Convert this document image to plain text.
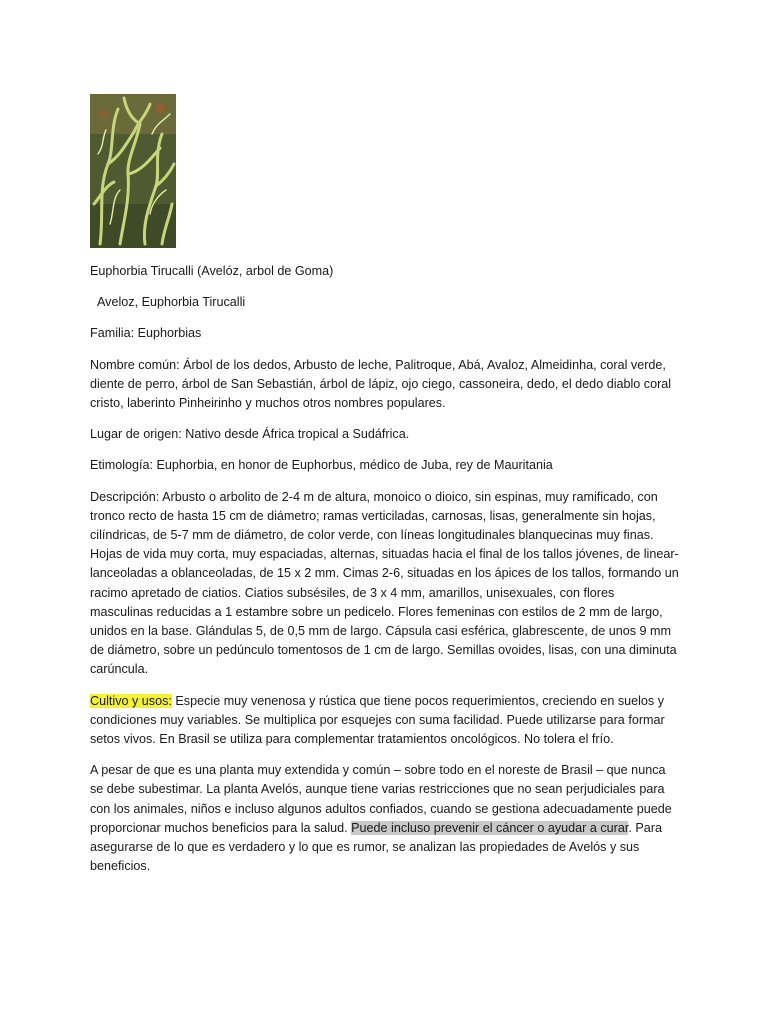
Euphorbia Tirucalli (Avelóz, arbol de Goma)

Aveloz, Euphorbia Tirucalli

Familia: Euphorbias

Nombre común: Árbol de los dedos, Arbusto de leche, Palitroque, Abá, Avaloz, Almeidinha, coral verde, diente de perro, árbol de San Sebastián, árbol de lápiz, ojo ciego, cassoneira, dedo, el dedo diablo coral cristo, laberinto Pinheirinho y muchos otros nombres populares.

Lugar de origen: Nativo desde África tropical a Sudáfrica.

Etimología: Euphorbia, en honor de Euphorbus, médico de Juba, rey de Mauritania

Descripción: Arbusto o arbolito de 2-4 m de altura, monoico o dioico, sin espinas, muy ramificado, con tronco recto de hasta 15 cm de diámetro; ramas verticiladas, carnosas, lisas, generalmente sin hojas, cilíndricas, de 5-7 mm de diámetro, de color verde, con líneas longitudinales blanquecinas muy finas. Hojas de vida muy corta, muy espaciadas, alternas, situadas hacia el final de los tallos jóvenes, de linear-lanceoladas a oblanceoladas, de 15 x 2 mm. Cimas 2-6, situadas en los ápices de los tallos, formando un racimo apretado de ciatios. Ciatios subsésiles, de 3 x 4 mm, amarillos, unisexuales, con flores masculinas reducidas a 1 estambre sobre un pedicelo. Flores femeninas con estilos de 2 mm de largo, unidos en la base. Glándulas 5, de 0,5 mm de largo. Cápsula casi esférica, glabrescente, de unos 9 mm de diámetro, sobre un pedúnculo tomentosos de 1 cm de largo. Semillas ovoides, lisas, con una diminuta carúncula.

Cultivo y usos: Especie muy venenosa y rústica que tiene pocos requerimientos, creciendo en suelos y condiciones muy variables. Se multiplica por esquejes con suma facilidad. Puede utilizarse para formar setos vivos. En Brasil se utiliza para complementar tratamientos oncológicos. No tolera el frío.

A pesar de que es una planta muy extendida y común – sobre todo en el noreste de Brasil – que nunca se debe subestimar. La planta Avelós, aunque tiene varias restricciones que no sean perjudiciales para con los animales, niños e incluso algunos adultos confiados, cuando se gestiona adecuadamente puede proporcionar muchos beneficios para la salud. Puede incluso prevenir el cáncer o ayudar a curar. Para asegurarse de lo que es verdadero y lo que es rumor, se analizan las propiedades de Avelós y sus beneficios.
